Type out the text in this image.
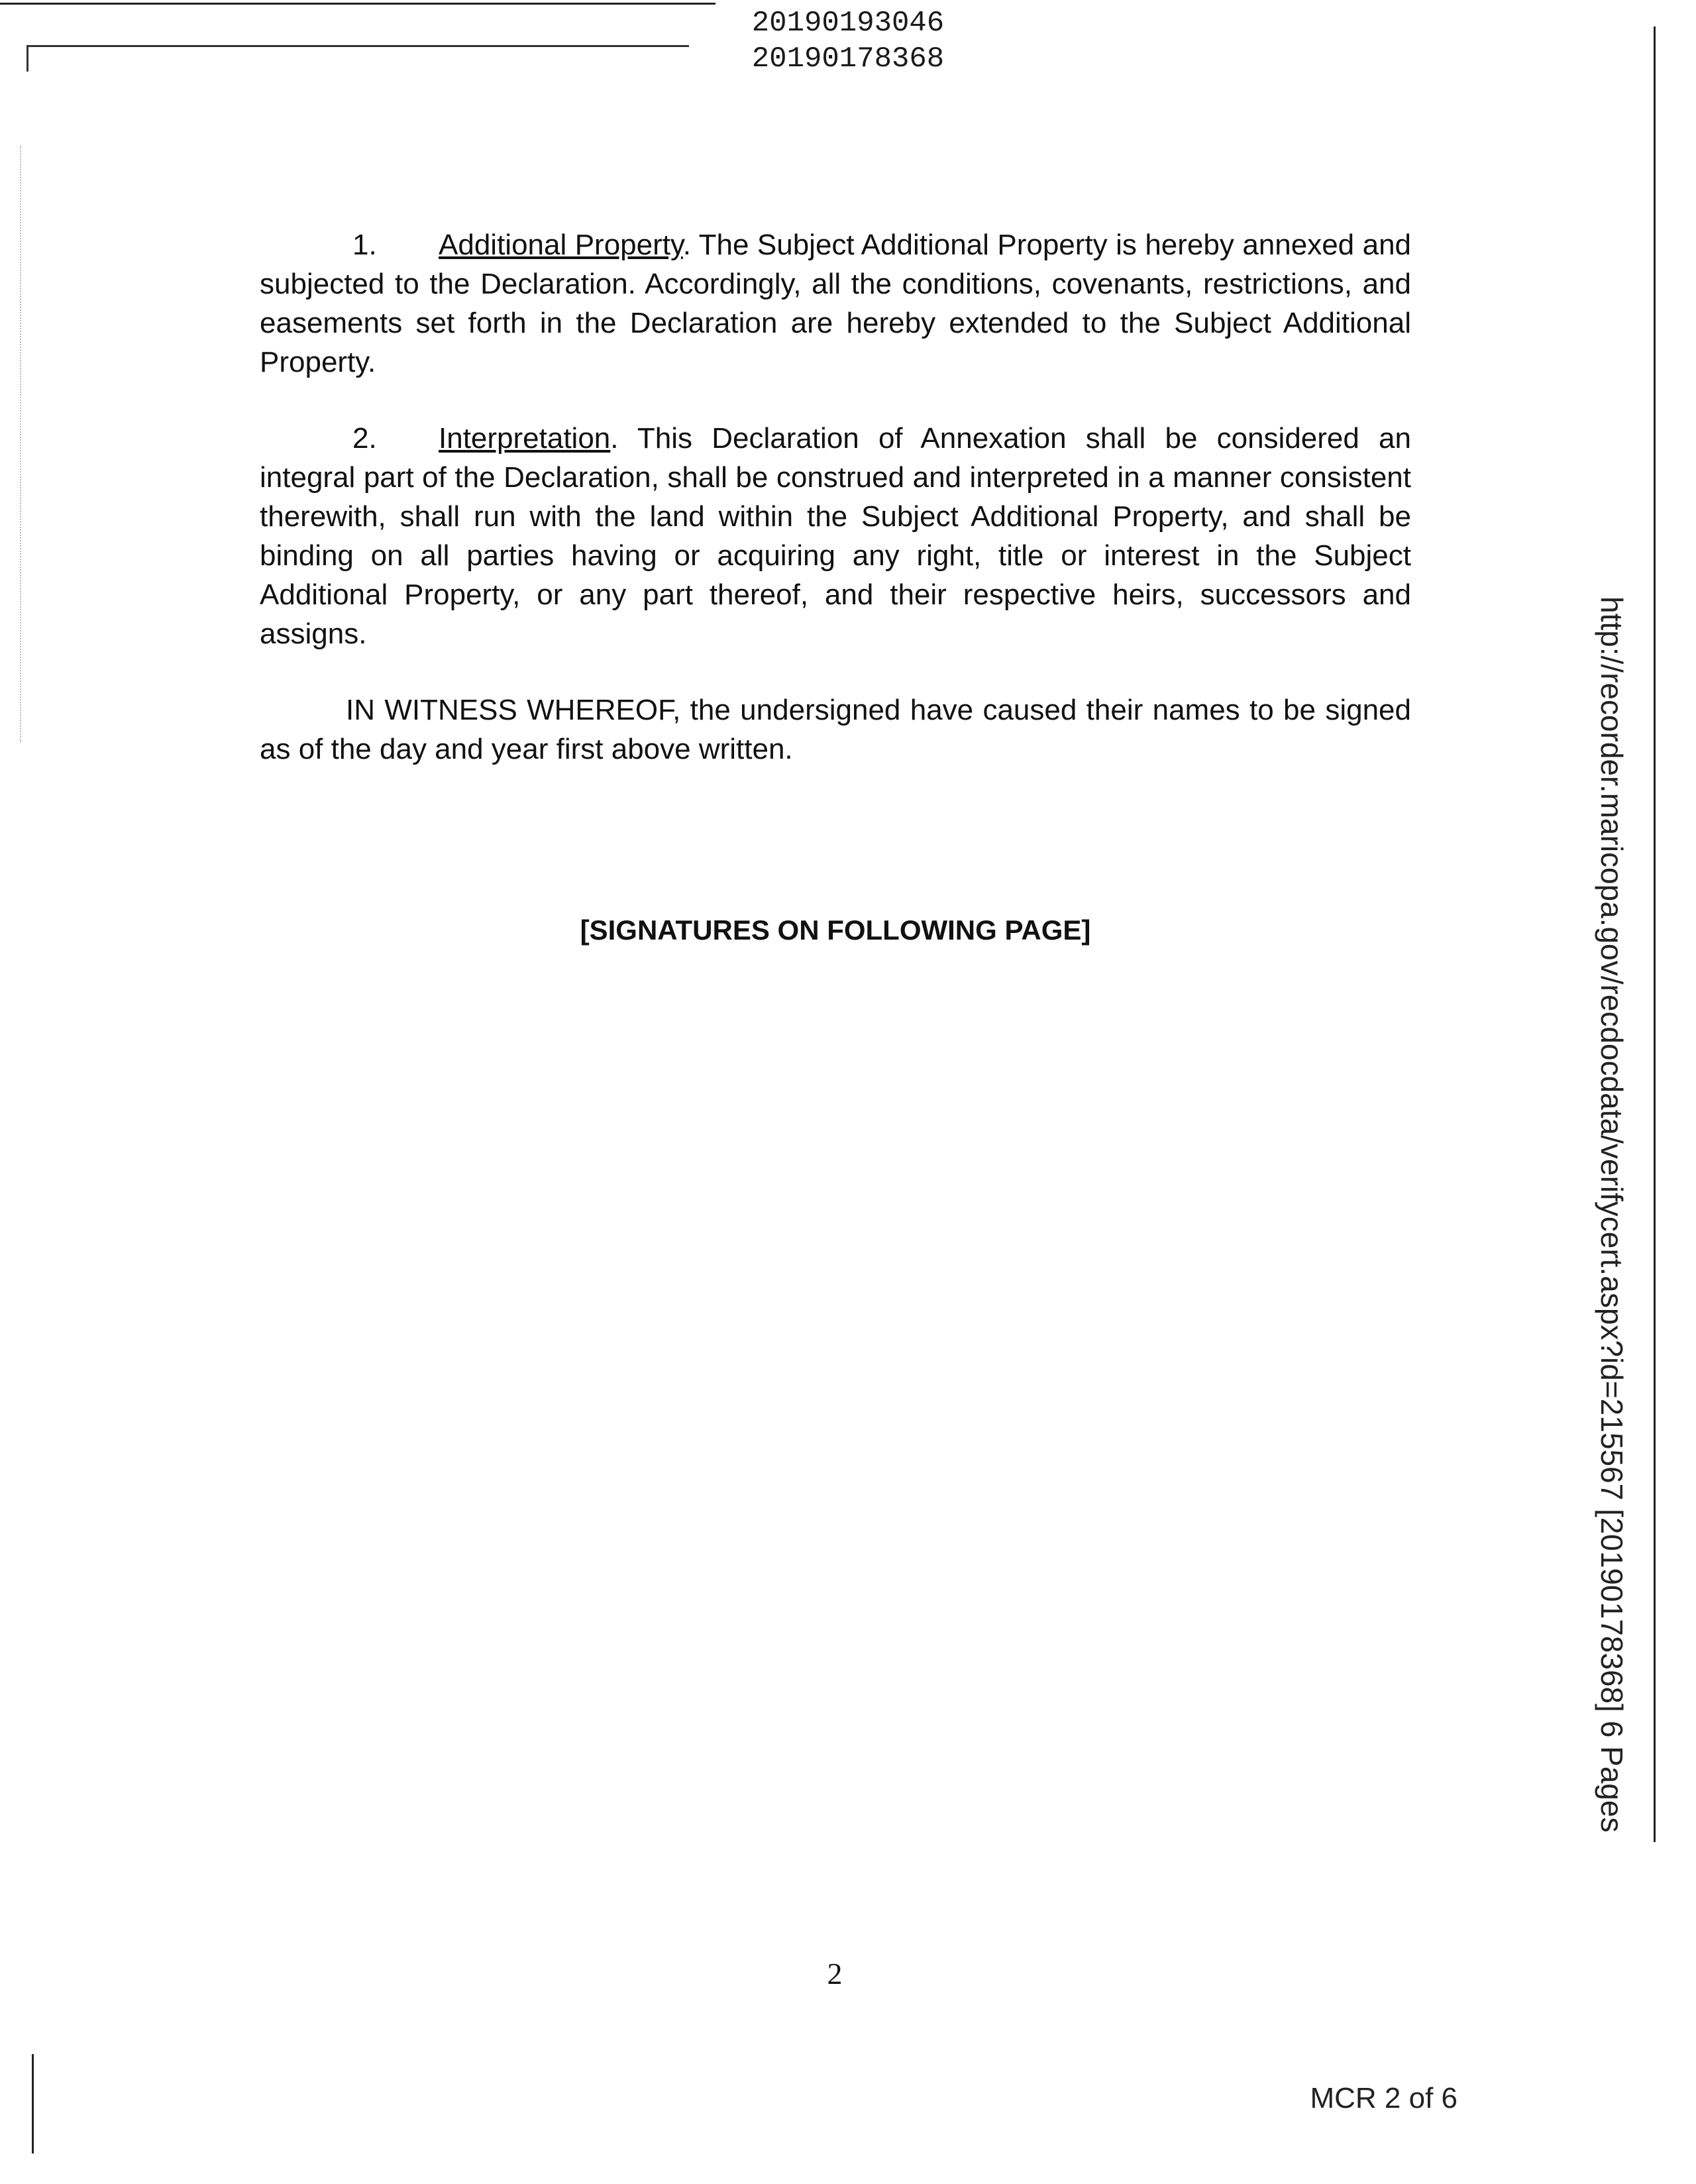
20190193046
20190178368

1. Additional Property. The Subject Additional Property is hereby annexed and subjected to the Declaration. Accordingly, all the conditions, covenants, restrictions, and easements set forth in the Declaration are hereby extended to the Subject Additional Property.

2. Interpretation. This Declaration of Annexation shall be considered an integral part of the Declaration, shall be construed and interpreted in a manner consistent therewith, shall run with the land within the Subject Additional Property, and shall be binding on all parties having or acquiring any right, title or interest in the Subject Additional Property, or any part thereof, and their respective heirs, successors and assigns.

IN WITNESS WHEREOF, the undersigned have caused their names to be signed as of the day and year first above written.

[SIGNATURES ON FOLLOWING PAGE]
2
MCR 2 of 6
http://recorder.maricopa.gov/recdocdata/verifycert.aspx?id=215567 [20190178368] 6 Pages
